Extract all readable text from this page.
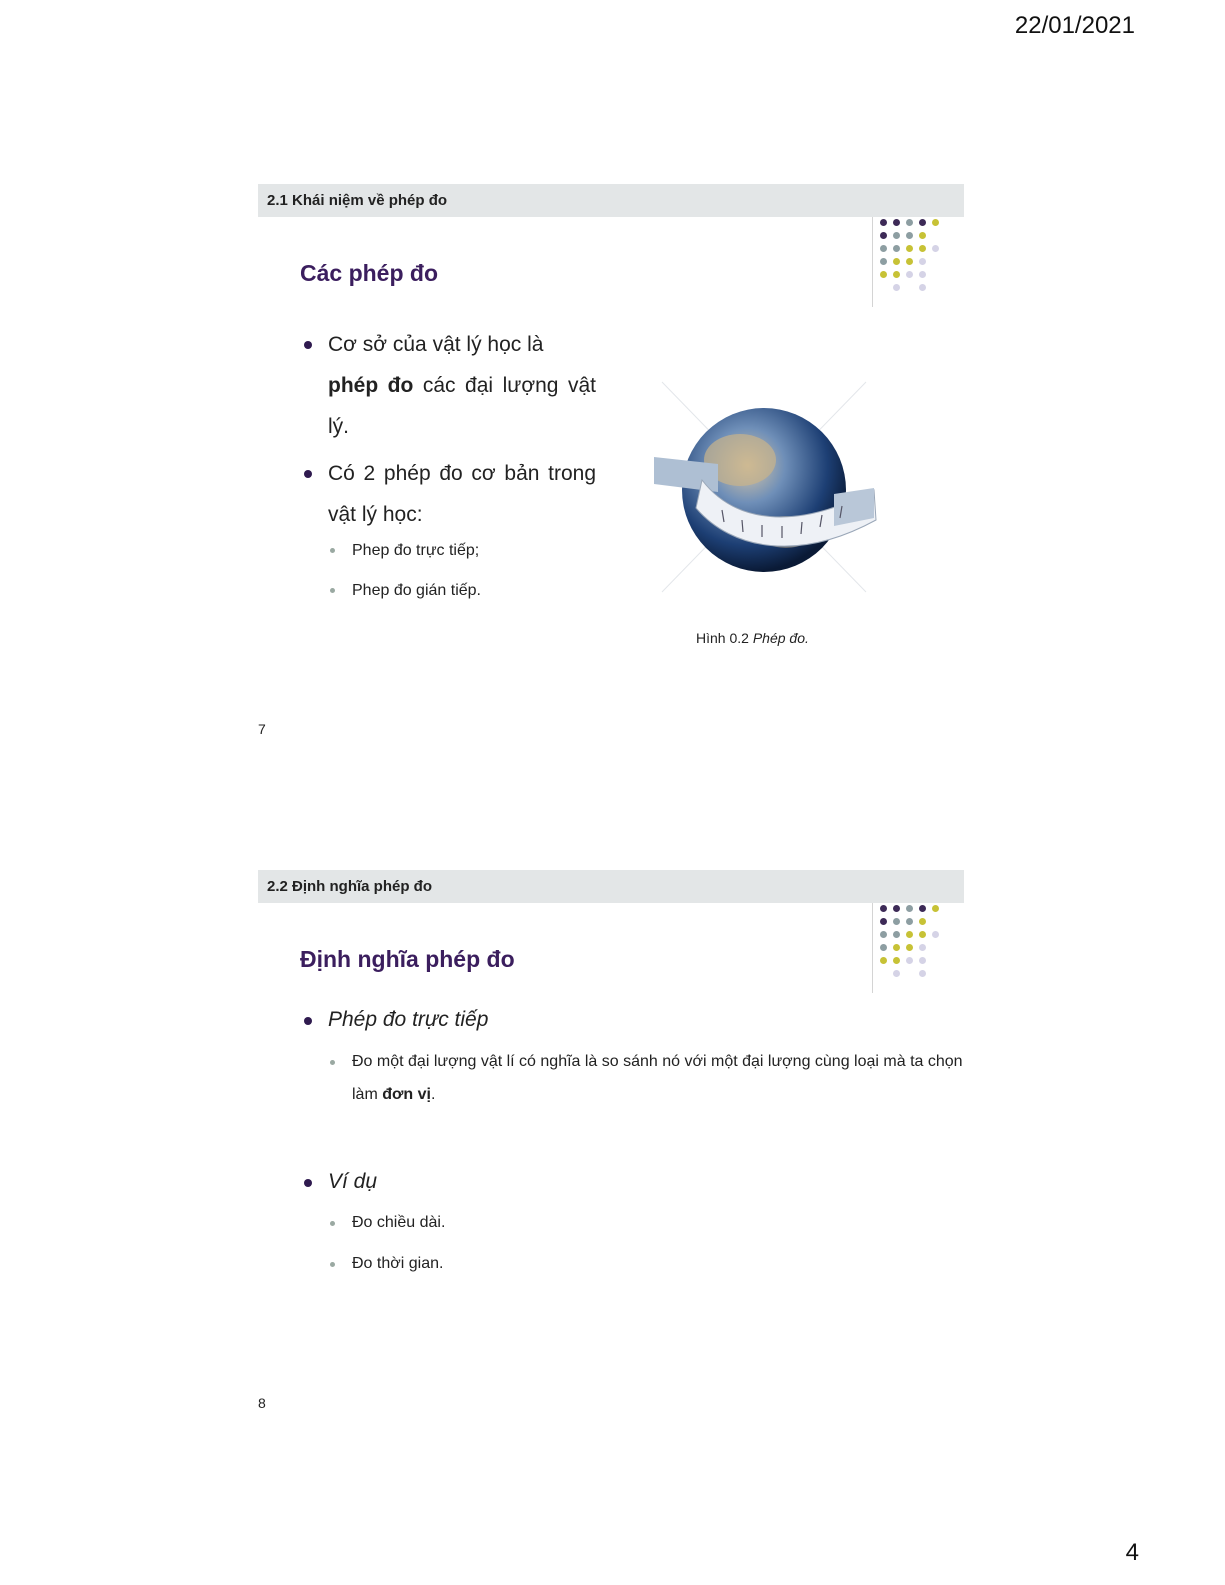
22/01/2021
2.1 Khái niệm về phép đo
Các phép đo
Cơ sở của vật lý học là
phép đo các đại lượng vật lý.
Có 2 phép đo cơ bản trong vật lý học:
Phep đo trực tiếp;
Phep đo gián tiếp.
Hình 0.2 Phép đo.
7
2.2 Định nghĩa phép đo
Định nghĩa phép đo
Phép đo trực tiếp
Đo một đại lượng vật lí có nghĩa là so sánh nó với một đại lượng cùng loại mà ta chọn làm đơn vị.
Ví dụ
Đo chiều dài.
Đo thời gian.
8
4
